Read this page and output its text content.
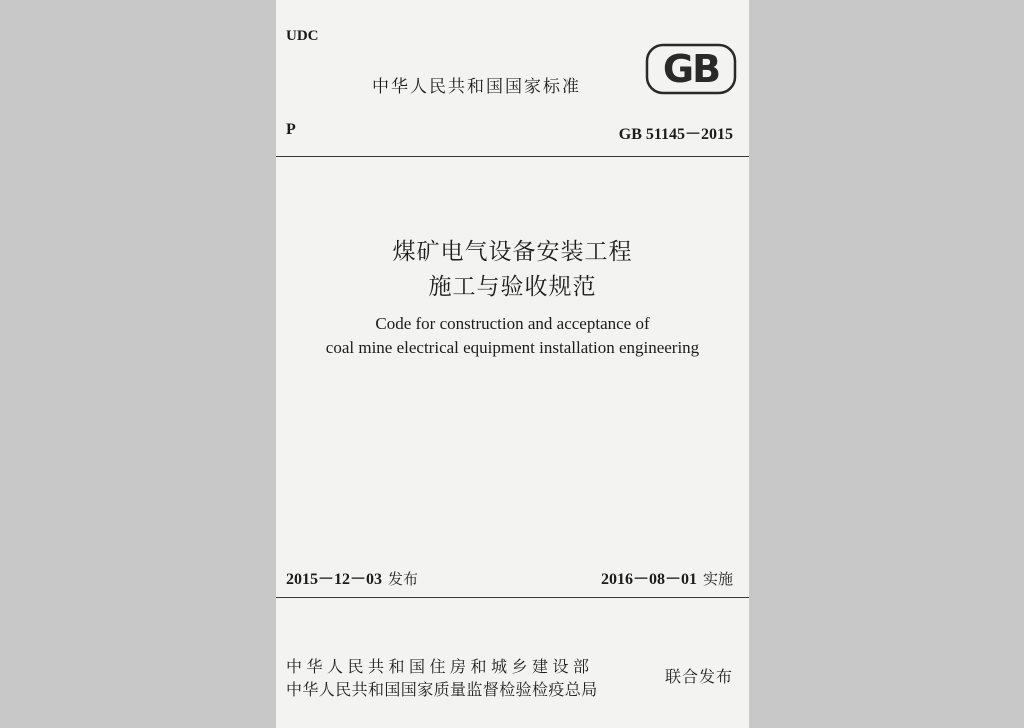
UDC
中华人民共和国国家标准 GB
P	GB 51145－2015
煤矿电气设备安装工程
施工与验收规范
Code for construction and acceptance of
coal mine electrical equipment installation engineering
2015－12－03 发布	2016－08－01 实施
中华人民共和国住房和城乡建设部
中华人民共和国国家质量监督检验检疫总局
联合发布
